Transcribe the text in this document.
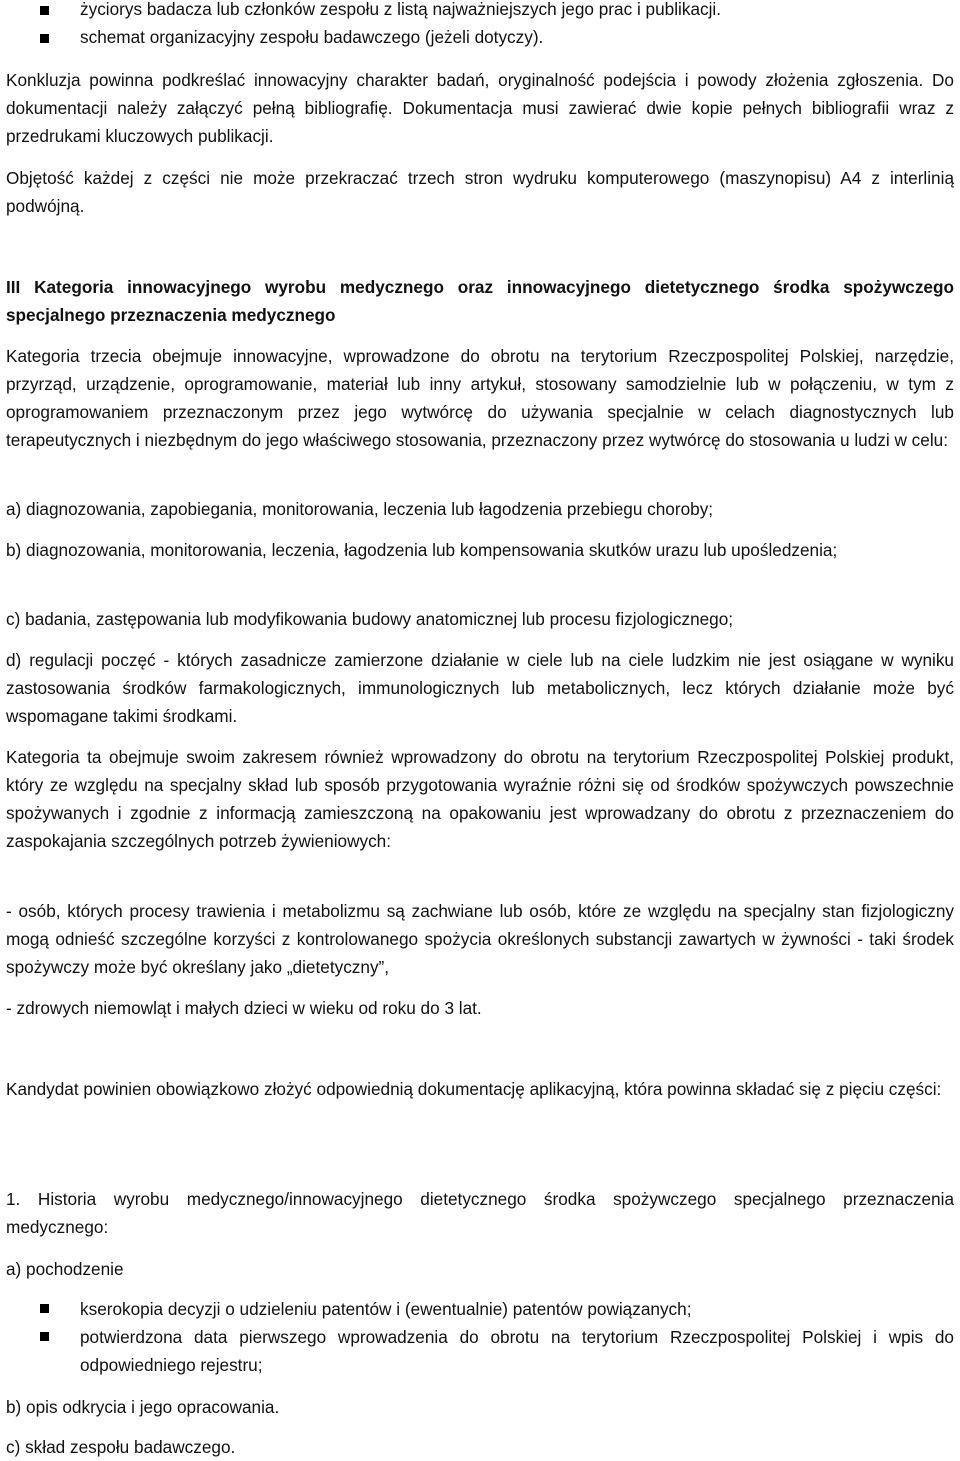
życiorys badacza lub członków zespołu z listą najważniejszych jego prac i publikacji.

schemat organizacyjny zespołu badawczego (jeżeli dotyczy).

Konkluzja powinna podkreślać innowacyjny charakter badań, oryginalność podejścia i powody złożenia zgłoszenia. Do dokumentacji należy załączyć pełną bibliografię. Dokumentacja musi zawierać dwie kopie pełnych bibliografii wraz z przedrukami kluczowych publikacji.

Objętość każdej z części nie może przekraczać trzech stron wydruku komputerowego (maszynopisu) A4 z interlinią podwójną.

III Kategoria innowacyjnego wyrobu medycznego oraz innowacyjnego dietetycznego środka spożywczego specjalnego przeznaczenia medycznego

Kategoria trzecia obejmuje innowacyjne, wprowadzone do obrotu na terytorium Rzeczpospolitej Polskiej, narzędzie, przyrząd, urządzenie, oprogramowanie, materiał lub inny artykuł, stosowany samodzielnie lub w połączeniu, w tym z oprogramowaniem przeznaczonym przez jego wytwórcę do używania specjalnie w celach diagnostycznych lub terapeutycznych i niezbędnym do jego właściwego stosowania, przeznaczony przez wytwórcę do stosowania u ludzi w celu:

a) diagnozowania, zapobiegania, monitorowania, leczenia lub łagodzenia przebiegu choroby;

b) diagnozowania, monitorowania, leczenia, łagodzenia lub kompensowania skutków urazu lub upośledzenia;

c) badania, zastępowania lub modyfikowania budowy anatomicznej lub procesu fizjologicznego;

d) regulacji poczęć - których zasadnicze zamierzone działanie w ciele lub na ciele ludzkim nie jest osiągane w wyniku zastosowania środków farmakologicznych, immunologicznych lub metabolicznych, lecz których działanie może być wspomagane takimi środkami.

Kategoria ta obejmuje swoim zakresem również wprowadzony do obrotu na terytorium Rzeczpospolitej Polskiej produkt, który ze względu na specjalny skład lub sposób przygotowania wyraźnie różni się od środków spożywczych powszechnie spożywanych i zgodnie z informacją zamieszczoną na opakowaniu jest wprowadzany do obrotu z przeznaczeniem do zaspokajania szczególnych potrzeb żywieniowych:

- osób, których procesy trawienia i metabolizmu są zachwiane lub osób, które ze względu na specjalny stan fizjologiczny mogą odnieść szczególne korzyści z kontrolowanego spożycia określonych substancji zawartych w żywności - taki środek spożywczy może być określany jako „dietetyczny”,

- zdrowych niemowląt i małych dzieci w wieku od roku do 3 lat.

Kandydat powinien obowiązkowo złożyć odpowiednią dokumentację aplikacyjną, która powinna składać się z pięciu części:

1. Historia wyrobu medycznego/innowacyjnego dietetycznego środka spożywczego specjalnego przeznaczenia medycznego:

a) pochodzenie

kserokopia decyzji o udzieleniu patentów i (ewentualnie) patentów powiązanych;

potwierdzona data pierwszego wprowadzenia do obrotu na terytorium Rzeczpospolitej Polskiej i wpis do odpowiedniego rejestru;

b) opis odkrycia i jego opracowania.

c) skład zespołu badawczego.
